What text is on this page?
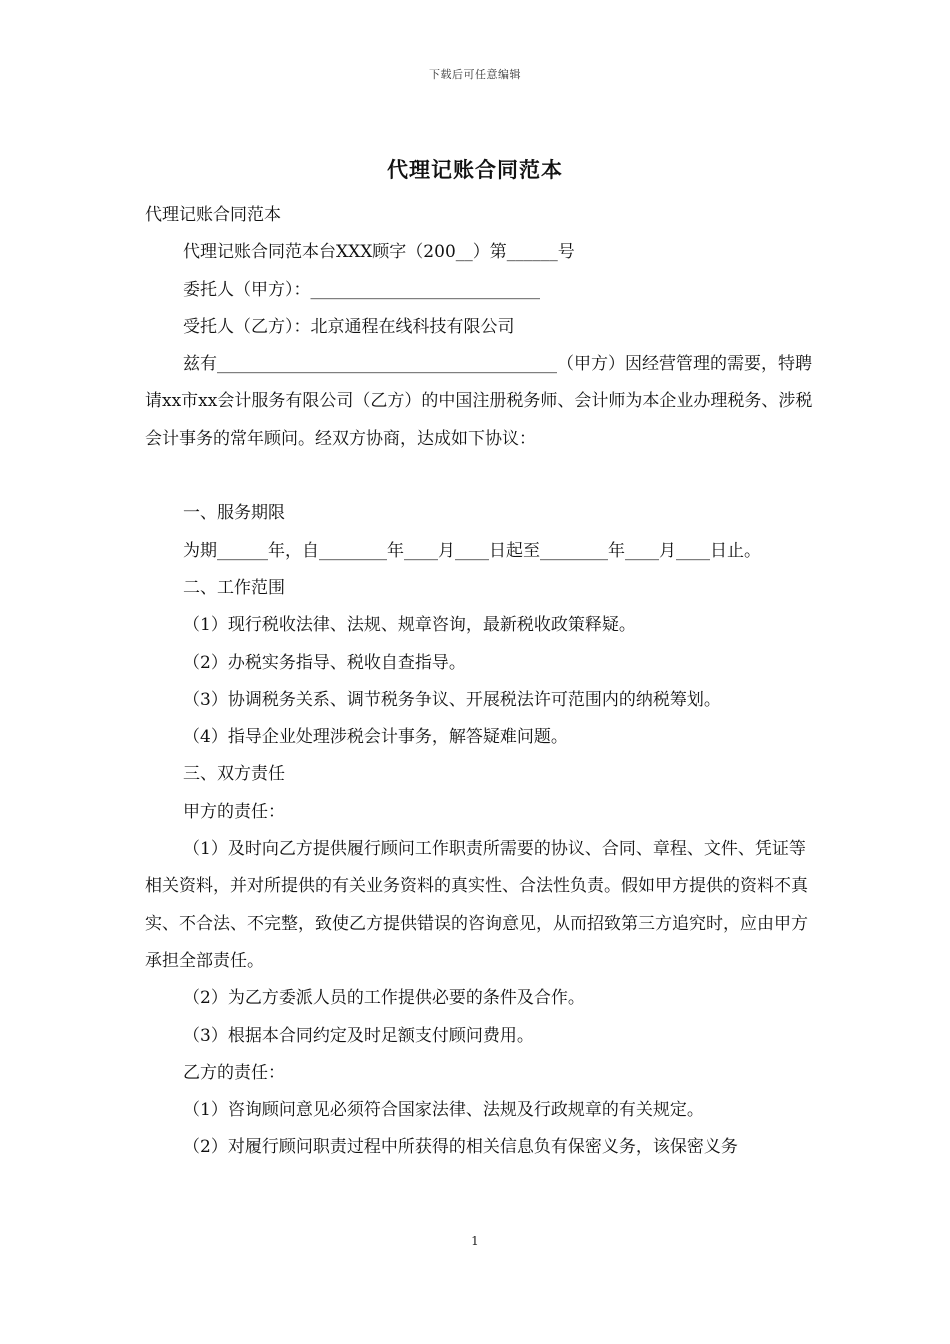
下载后可任意编辑
代理记账合同范本

代理记账合同范本

代理记账合同范本台XXX顾字（200__）第______号

委托人（甲方）：___________________________

受托人（乙方）：北京通程在线科技有限公司

兹有________________________________________（甲方）因经营管理的需要，特聘请xx市xx会计服务有限公司（乙方）的中国注册税务师、会计师为本企业办理税务、涉税会计事务的常年顾问。经双方协商，达成如下协议：

一、服务期限

为期______年，自________年____月____日起至________年____月____日止。

二、工作范围

（1）现行税收法律、法规、规章咨询，最新税收政策释疑。

（2）办税实务指导、税收自查指导。

（3）协调税务关系、调节税务争议、开展税法许可范围内的纳税筹划。

（4）指导企业处理涉税会计事务，解答疑难问题。

三、双方责任

甲方的责任：

（1）及时向乙方提供履行顾问工作职责所需要的协议、合同、章程、文件、凭证等相关资料，并对所提供的有关业务资料的真实性、合法性负责。假如甲方提供的资料不真实、不合法、不完整，致使乙方提供错误的咨询意见，从而招致第三方追究时，应由甲方承担全部责任。

（2）为乙方委派人员的工作提供必要的条件及合作。

（3）根据本合同约定及时足额支付顾问费用。

乙方的责任：

（1）咨询顾问意见必须符合国家法律、法规及行政规章的有关规定。

（2）对履行顾问职责过程中所获得的相关信息负有保密义务，该保密义务

1
